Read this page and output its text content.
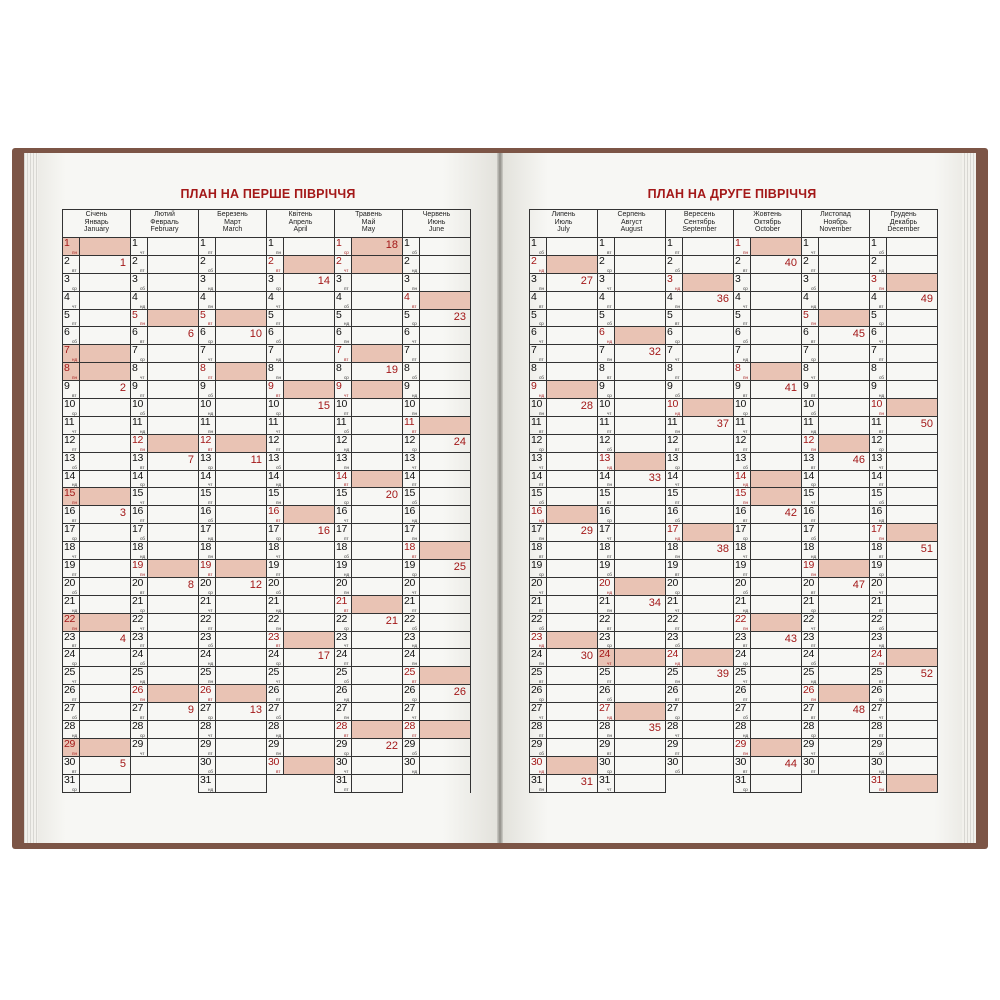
ПЛАН НА ПЕРШЕ ПІВРІЧЧЯ	ПЛАН НА ДРУГЕ ПІВРІЧЧЯ
Січень
Январь
January
1
пн
2
вт
1
3
ср
4
чт
5
пт
6
сб
7
нд
8
пн
9
вт
2
10
ср
11
чт
12
пт
13
сб
14
нд
15
пн
16
вт
3
17
ср
18
чт
19
пт
20
сб
21
нд
22
пн
23
вт
4
24
ср
25
чт
26
пт
27
сб
28
нд
29
пн
30
вт
5
31
ср
Лютий
Февраль
February
1
чт
2
пт
3
сб
4
нд
5
пн
6
вт
6
7
ср
8
чт
9
пт
10
сб
11
нд
12
пн
13
вт
7
14
ср
15
чт
16
пт
17
сб
18
нд
19
пн
20
вт
8
21
ср
22
чт
23
пт
24
сб
25
нд
26
пн
27
вт
9
28
ср
29
чт
Березень
Март
March
1
пт
2
сб
3
нд
4
пн
5
вт
6
ср
10
7
чт
8
пт
9
сб
10
нд
11
пн
12
вт
13
ср
11
14
чт
15
пт
16
сб
17
нд
18
пн
19
вт
20
ср
12
21
чт
22
пт
23
сб
24
нд
25
пн
26
вт
27
ср
13
28
чт
29
пт
30
сб
31
нд
Квітень
Апрель
April
1
пн
2
вт
3
ср
14
4
чт
5
пт
6
сб
7
нд
8
пн
9
вт
10
ср
15
11
чт
12
пт
13
сб
14
нд
15
пн
16
вт
17
ср
16
18
чт
19
пт
20
сб
21
нд
22
пн
23
вт
24
ср
17
25
чт
26
пт
27
сб
28
нд
29
пн
30
вт
Травень
Май
May
1
ср
18
2
чт
3
пт
4
сб
5
нд
6
пн
7
вт
8
ср
19
9
чт
10
пт
11
сб
12
нд
13
пн
14
вт
15
ср
20
16
чт
17
пт
18
сб
19
нд
20
пн
21
вт
22
ср
21
23
чт
24
пт
25
сб
26
нд
27
пн
28
вт
29
ср
22
30
чт
31
пт
Червень
Июнь
June
1
сб
2
нд
3
пн
4
вт
5
ср
23
6
чт
7
пт
8
сб
9
нд
10
пн
11
вт
12
ср
24
13
чт
14
пт
15
сб
16
нд
17
пн
18
вт
19
ср
25
20
чт
21
пт
22
сб
23
нд
24
пн
25
вт
26
ср
26
27
чт
28
пт
29
сб
30
нд
Липень
Июль
July
1
сб
2
нд
3
пн
27
4
вт
5
ср
6
чт
7
пт
8
сб
9
нд
10
пн
28
11
вт
12
ср
13
чт
14
пт
15
сб
16
нд
17
пн
29
18
вт
19
ср
20
чт
21
пт
22
сб
23
нд
24
пн
30
25
вт
26
ср
27
чт
28
пт
29
сб
30
нд
31
пн
31
Серпень
Август
August
1
вт
2
ср
3
чт
4
пт
5
сб
6
нд
7
пн
32
8
вт
9
ср
10
чт
11
пт
12
сб
13
нд
14
пн
33
15
вт
16
ср
17
чт
18
пт
19
сб
20
нд
21
пн
34
22
вт
23
ср
24
чт
25
пт
26
сб
27
нд
28
пн
35
29
вт
30
ср
31
чт
Вересень
Сентябрь
September
1
пт
2
сб
3
нд
4
пн
36
5
вт
6
ср
7
чт
8
пт
9
сб
10
нд
11
пн
37
12
вт
13
ср
14
чт
15
пт
16
сб
17
нд
18
пн
38
19
вт
20
ср
21
чт
22
пт
23
сб
24
нд
25
пн
39
26
вт
27
ср
28
чт
29
пт
30
сб
Жовтень
Октябрь
October
1
пн
2
вт
40
3
ср
4
чт
5
пт
6
сб
7
нд
8
пн
9
вт
41
10
ср
11
чт
12
пт
13
сб
14
нд
15
пн
16
вт
42
17
ср
18
чт
19
пт
20
сб
21
нд
22
пн
23
вт
43
24
ср
25
чт
26
пт
27
сб
28
нд
29
пн
30
вт
44
31
ср
Листопад
Ноябрь
November
1
чт
2
пт
3
сб
4
нд
5
пн
6
вт
45
7
ср
8
чт
9
пт
10
сб
11
нд
12
пн
13
вт
46
14
ср
15
чт
16
пт
17
сб
18
нд
19
пн
20
вт
47
21
ср
22
чт
23
пт
24
сб
25
нд
26
пн
27
вт
48
28
ср
29
чт
30
пт
Грудень
Декабрь
December
1
сб
2
нд
3
пн
4
вт
49
5
ср
6
чт
7
пт
8
сб
9
нд
10
пн
11
вт
50
12
ср
13
чт
14
пт
15
сб
16
нд
17
пн
18
вт
51
19
ср
20
чт
21
пт
22
сб
23
нд
24
пн
25
вт
52
26
ср
27
чт
28
пт
29
сб
30
нд
31
пн
